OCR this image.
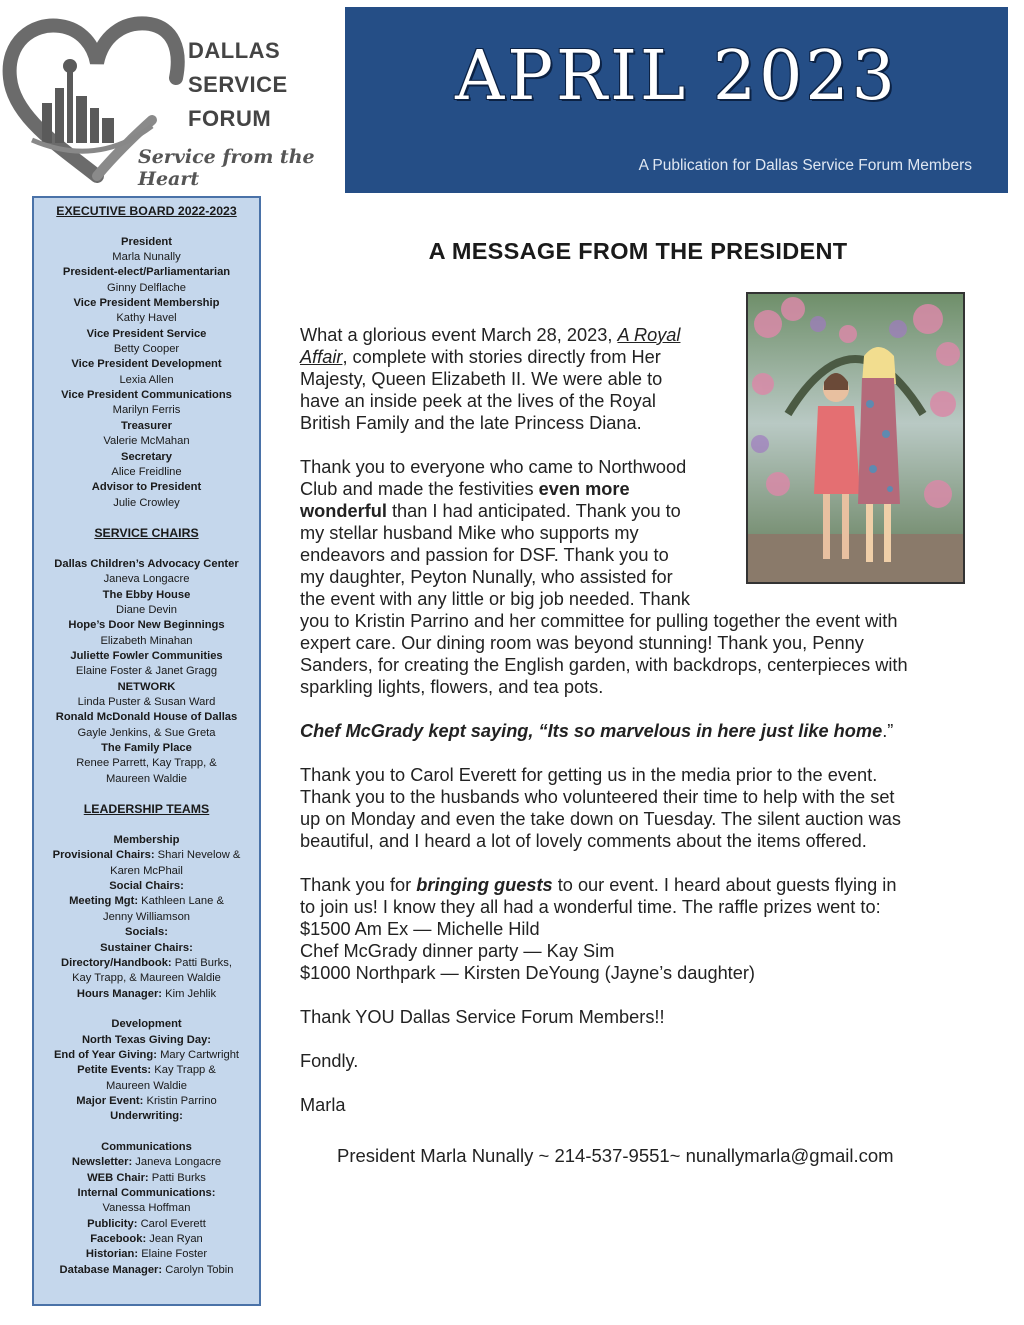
DALLAS
SERVICE
FORUM
Service from the Heart
APRIL 2023
A Publication for Dallas Service Forum Members
EXECUTIVE BOARD 2022-2023
President
Marla Nunally
President-elect/Parliamentarian
Ginny Delflache
Vice President Membership
Kathy Havel
Vice President Service
Betty Cooper
Vice President Development
Lexia Allen
Vice President Communications
Marilyn Ferris
Treasurer
Valerie McMahan
Secretary
Alice Freidline
Advisor to President
Julie Crowley
SERVICE CHAIRS
Dallas Children’s Advocacy Center
Janeva Longacre
The Ebby House
Diane Devin
Hope’s Door New Beginnings
Elizabeth Minahan
Juliette Fowler Communities
Elaine Foster & Janet Gragg
NETWORK
Linda Puster & Susan Ward
Ronald McDonald House of Dallas
Gayle Jenkins, & Sue Greta
The Family Place
Renee Parrett, Kay Trapp, &
Maureen Waldie
LEADERSHIP TEAMS
Membership
Provisional Chairs: Shari Nevelow &
Karen McPhail
Social Chairs:
Meeting Mgt: Kathleen Lane &
Jenny Williamson
Socials:
Sustainer Chairs:
Directory/Handbook: Patti Burks,
Kay Trapp, & Maureen Waldie
Hours Manager: Kim Jehlik
Development
North Texas Giving Day:
End of Year Giving: Mary Cartwright
Petite Events: Kay Trapp &
Maureen Waldie
Major Event: Kristin Parrino
Underwriting:
Communications
Newsletter: Janeva Longacre
WEB Chair: Patti Burks
Internal Communications:
Vanessa Hoffman
Publicity: Carol Everett
Facebook: Jean Ryan
Historian: Elaine Foster
Database Manager: Carolyn Tobin
A MESSAGE FROM THE PRESIDENT

What a glorious event March 28, 2023, A Royal
Affair, complete with stories directly from Her
Majesty, Queen Elizabeth II. We were able to
have an inside peek at the lives of the Royal
British Family and the late Princess Diana.

Thank you to everyone who came to Northwood
Club and made the festivities even more
wonderful than I had anticipated. Thank you to
my stellar husband Mike who supports my
endeavors and passion for DSF. Thank you to
my daughter, Peyton Nunally, who assisted for
the event with any little or big job needed. Thank
you to Kristin Parrino and her committee for pulling together the event with
expert care. Our dining room was beyond stunning! Thank you, Penny
Sanders, for creating the English garden, with backdrops, centerpieces with
sparkling lights, flowers, and tea pots.

Chef McGrady kept saying, “Its so marvelous in here just like home.”

Thank you to Carol Everett for getting us in the media prior to the event.
Thank you to the husbands who volunteered their time to help with the set
up on Monday and even the take down on Tuesday. The silent auction was
beautiful, and I heard a lot of lovely comments about the items offered.

Thank you for bringing guests to our event. I heard about guests flying in
to join us! I know they all had a wonderful time. The raffle prizes went to:
$1500 Am Ex — Michelle Hild
Chef McGrady dinner party — Kay Sim
$1000 Northpark — Kirsten DeYoung (Jayne’s daughter)

Thank YOU Dallas Service Forum Members!!

Fondly.

Marla

President Marla Nunally ~ 214-537-9551~ nunallymarla@gmail.com
